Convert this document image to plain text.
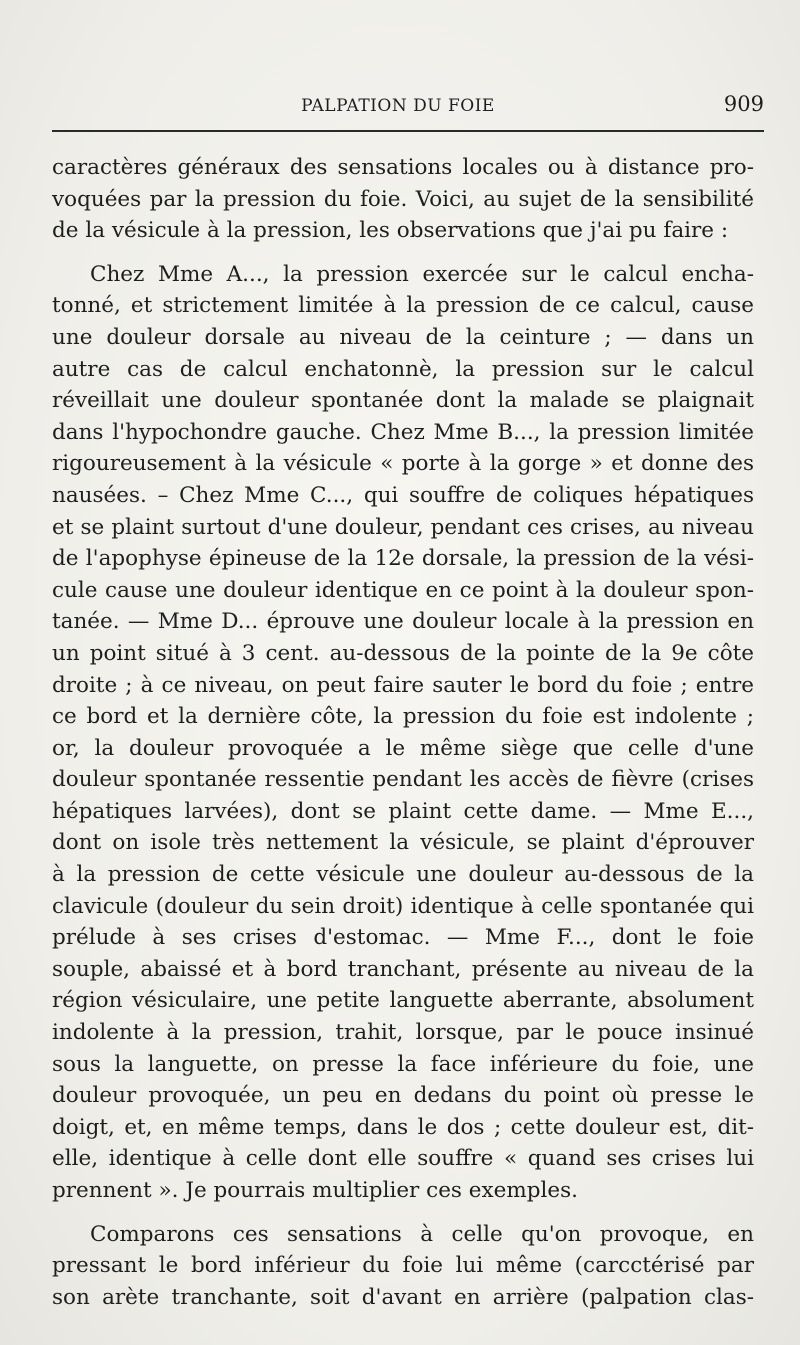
PALPATION DU FOIE	909
caractères généraux des sensations locales ou à distance pro-
voquées par la pression du foie. Voici, au sujet de la sensibilité
de la vésicule à la pression, les observations que j'ai pu faire :
Chez Mme A..., la pression exercée sur le calcul encha-
tonné, et strictement limitée à la pression de ce calcul, cause
une douleur dorsale au niveau de la ceinture ; — dans un
autre cas de calcul enchatonnè, la pression sur le calcul
réveillait une douleur spontanée dont la malade se plaignait
dans l'hypochondre gauche. Chez Mme B..., la pression limitée
rigoureusement à la vésicule « porte à la gorge » et donne des
nausées. – Chez Mme C..., qui souffre de coliques hépatiques
et se plaint surtout d'une douleur, pendant ces crises, au niveau
de l'apophyse épineuse de la 12e dorsale, la pression de la vési-
cule cause une douleur identique en ce point à la douleur spon-
tanée. — Mme D... éprouve une douleur locale à la pression en
un point situé à 3 cent. au-dessous de la pointe de la 9e côte
droite ; à ce niveau, on peut faire sauter le bord du foie ; entre
ce bord et la dernière côte, la pression du foie est indolente ;
or, la douleur provoquée a le même siège que celle d'une
douleur spontanée ressentie pendant les accès de fièvre (crises
hépatiques larvées), dont se plaint cette dame. — Mme E...,
dont on isole très nettement la vésicule, se plaint d'éprouver
à la pression de cette vésicule une douleur au-dessous de la
clavicule (douleur du sein droit) identique à celle spontanée qui
prélude à ses crises d'estomac. — Mme F..., dont le foie
souple, abaissé et à bord tranchant, présente au niveau de la
région vésiculaire, une petite languette aberrante, absolument
indolente à la pression, trahit, lorsque, par le pouce insinué
sous la languette, on presse la face inférieure du foie, une
douleur provoquée, un peu en dedans du point où presse le
doigt, et, en même temps, dans le dos ; cette douleur est, dit-
elle, identique à celle dont elle souffre « quand ses crises lui
prennent ». Je pourrais multiplier ces exemples.
Comparons ces sensations à celle qu'on provoque, en
pressant le bord inférieur du foie lui même (carcctérisé par
son arète tranchante, soit d'avant en arrière (palpation clas-
